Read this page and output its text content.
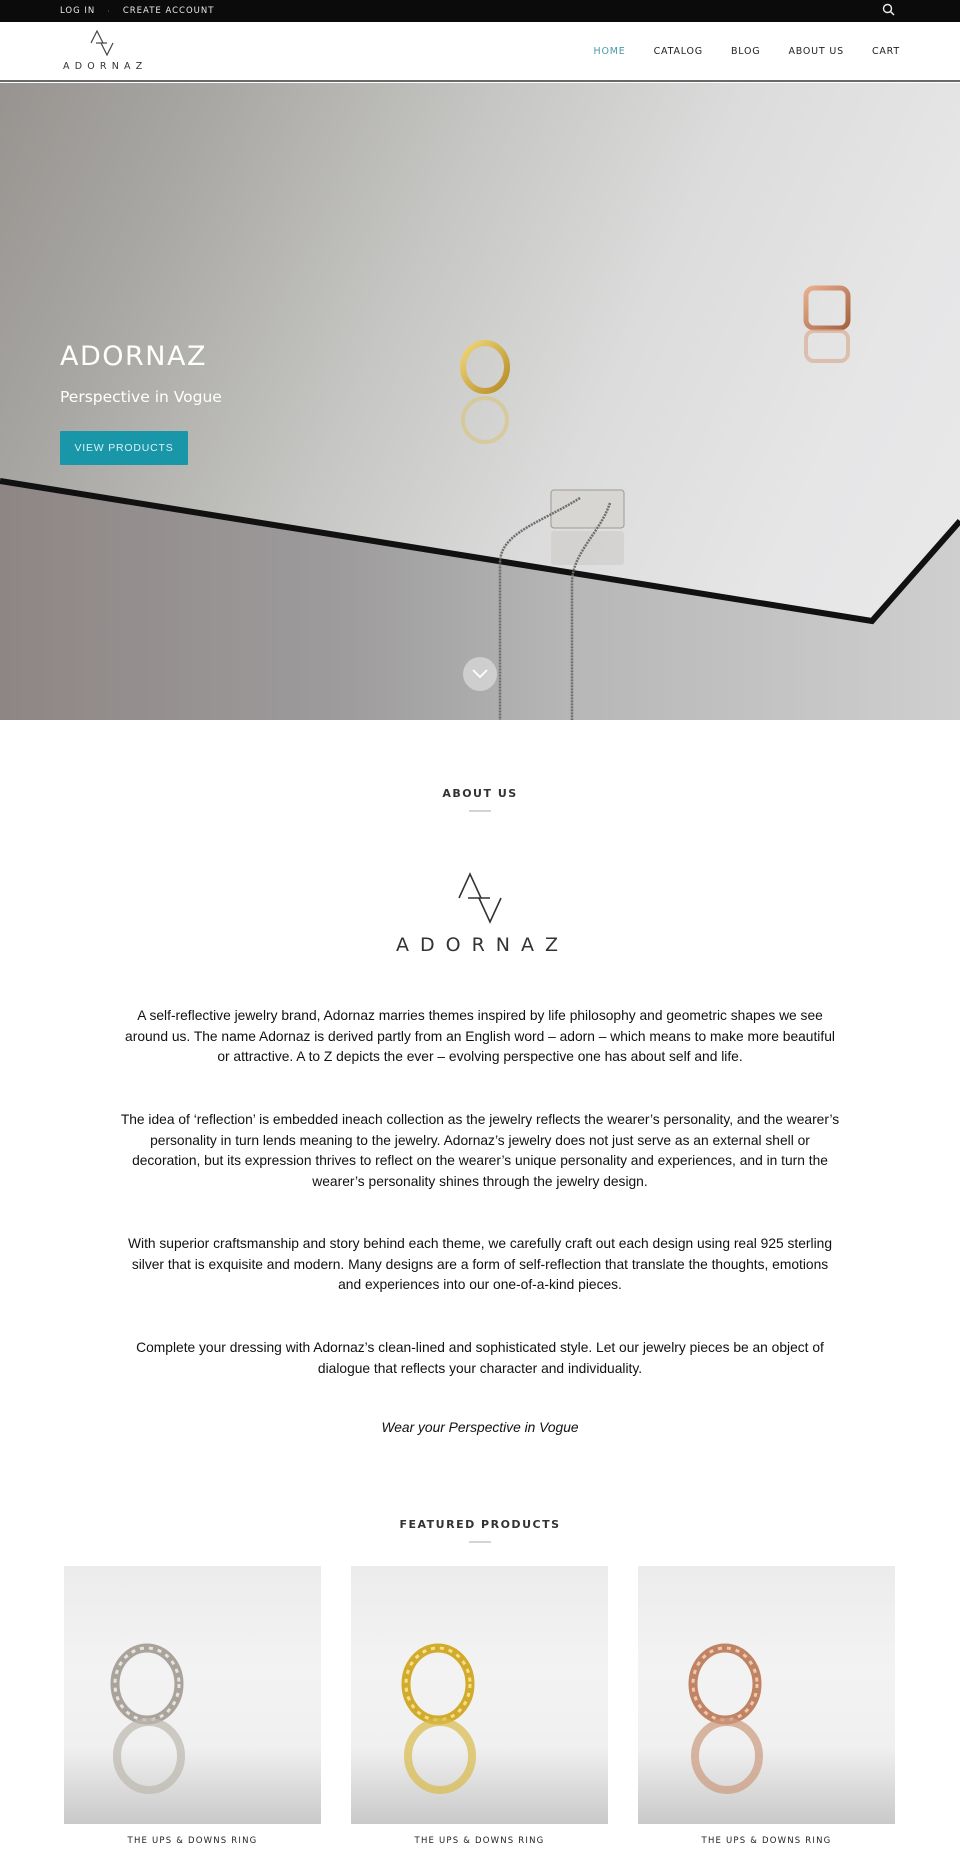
LOG IN · CREATE ACCOUNT
ADORNAZ
HOME	CATALOG	BLOG	ABOUT US	CART
ADORNAZ
Perspective in Vogue
VIEW PRODUCTS
ABOUT US
ADORNAZ

A self-reflective jewelry brand, Adornaz marries themes inspired by life philosophy and geometric shapes we see around us. The name Adornaz is derived partly from an English word – adorn – which means to make more beautiful or attractive. A to Z depicts the ever – evolving perspective one has about self and life.

The idea of ‘reflection’ is embedded ineach collection as the jewelry reflects the wearer’s personality, and the wearer’s personality in turn lends meaning to the jewelry. Adornaz’s jewelry does not just serve as an external shell or decoration, but its expression thrives to reflect on the wearer’s unique personality and experiences, and in turn the wearer’s personality shines through the jewelry design.

With superior craftsmanship and story behind each theme, we carefully craft out each design using real 925 sterling silver that is exquisite and modern. Many designs are a form of self-reflection that translate the thoughts, emotions and experiences into our one-of-a-kind pieces.

Complete your dressing with Adornaz’s clean-lined and sophisticated style. Let our jewelry pieces be an object of dialogue that reflects your character and individuality.

Wear your Perspective in Vogue

FEATURED PRODUCTS
THE UPS & DOWNS RING	THE UPS & DOWNS RING	THE UPS & DOWNS RING
